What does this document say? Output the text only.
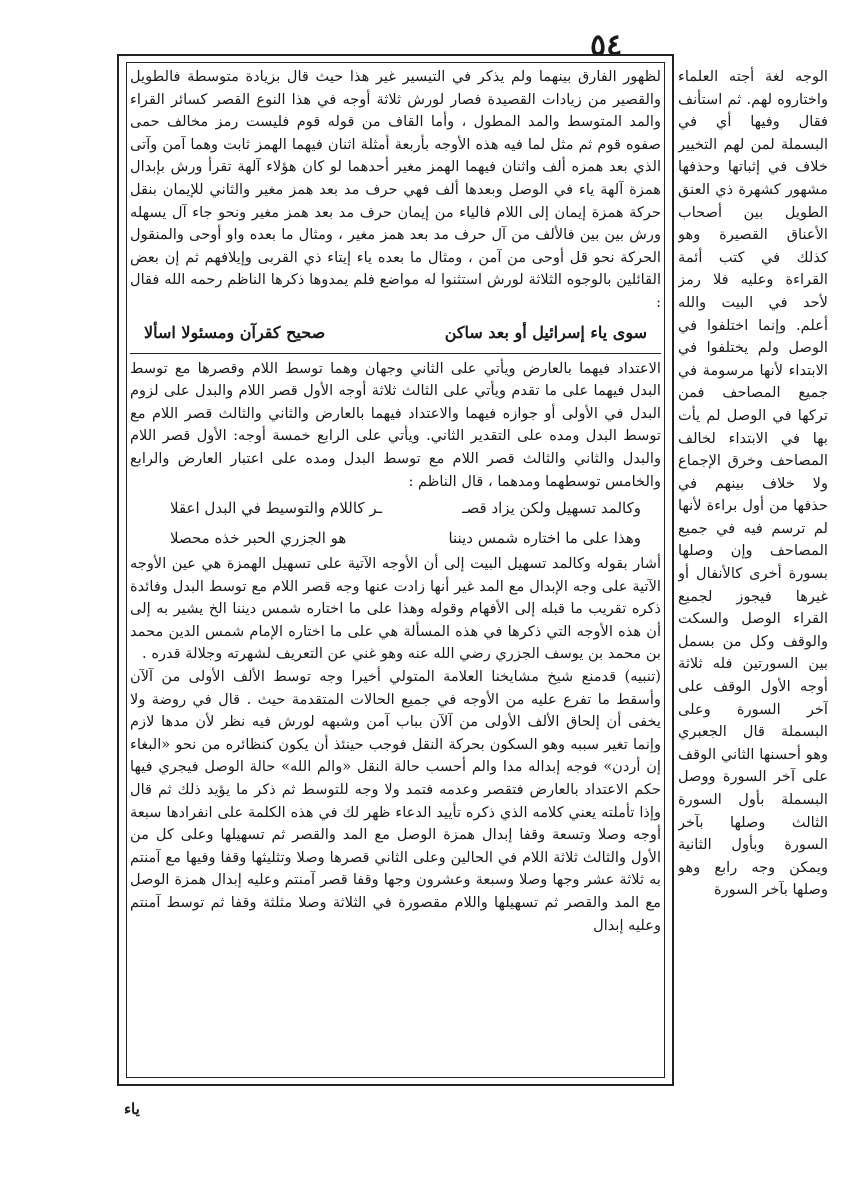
٥٤

لظهور الفارق بينهما ولم يذكر في التيسير غير هذا حيث قال بزيادة متوسطة فالطويل والقصير من زيادات القصيدة فصار لورش ثلاثة أوجه في هذا النوع القصر كسائر القراء والمد المتوسط والمد المطول ، وأما القاف من قوله قوم فليست رمز مخالف حمى صفوه قوم ثم مثل لما فيه هذه الأوجه بأربعة أمثلة اثنان فيهما الهمز ثابت وهما آمن وآتى الذي بعد همزه ألف واثنان فيهما الهمز مغير أحدهما لو كان هؤلاء آلهة تقرأ ورش بإبدال همزة آلهة ياء في الوصل وبعدها ألف فهي حرف مد بعد همز مغير والثاني للإيمان بنقل حركة همزة إيمان إلى اللام فالياء من إيمان حرف مد بعد همز مغير ونحو جاء آل يسهله ورش بين بين فالألف من آل حرف مد بعد همز مغير ، ومثال ما بعده واو أوحى والمنقول الحركة نحو قل أوحى من آمن ، ومثال ما بعده ياء إيتاء ذي القربى وإيلافهم ثم إن بعض القائلين بالوجوه الثلاثة لورش استثنوا له مواضع فلم يمدوها ذكرها الناظم رحمه الله فقال :

سوى ياء إسرائيل أو بعد ساكن
صحيح كقرآن ومسئولا اسألا

الاعتداد فيهما بالعارض ويأتي على الثاني وجهان وهما توسط اللام وقصرها مع توسط البدل فيهما على ما تقدم ويأتي على الثالث ثلاثة أوجه الأول قصر اللام والبدل على لزوم البدل في الأولى أو جوازه فيهما والاعتداد فيهما بالعارض والثاني والثالث قصر اللام مع توسط البدل ومده على التقدير الثاني. ويأتي على الرابع خمسة أوجه: الأول قصر اللام والبدل والثاني والثالث قصر اللام مع توسط البدل ومده على اعتبار العارض والرابع والخامس توسطهما ومدهما ، قال الناظم :

وكالمد تسهيل ولكن يزاد قصـ
ـر كاللام والتوسيط في البدل اعقلا
وهذا على ما اختاره شمس ديننا
هو الجزري الحبر خذه محصلا

أشار بقوله وكالمد تسهيل البيت إلى أن الأوجه الآتية على تسهيل الهمزة هي عين الأوجه الآتية على وجه الإبدال مع المد غير أنها زادت عنها وجه قصر اللام مع توسط البدل وفائدة ذكره تقريب ما قبله إلى الأفهام وقوله وهذا على ما اختاره شمس ديننا الخ يشير به إلى أن هذه الأوجه التي ذكرها في هذه المسألة هي على ما اختاره الإمام شمس الدين محمد بن محمد بن يوسف الجزري رضي الله عنه وهو غني عن التعريف لشهرته وجلالة قدره .

(تنبيه) قدمنع شيخ مشايخنا العلامة المتولي أخيرا وجه توسط الألف الأولى من آلآن وأسقط ما تفرع عليه من الأوجه في جميع الحالات المتقدمة حيث . قال في روضة ولا يخفى أن إلحاق الألف الأولى من آلآن بباب آمن وشبهه لورش فيه نظر لأن مدها لازم وإنما تغير سببه وهو السكون بحركة النقل فوجب حينئذ أن يكون كنظائره من نحو «البغاء إن أردن» فوجه إبداله مدا والم أحسب حالة النقل «والم الله» حالة الوصل فيجري فيها حكم الاعتداد بالعارض فتقصر وعدمه فتمد ولا وجه للتوسط ثم ذكر ما يؤيد ذلك ثم قال وإذا تأملته يعني كلامه الذي ذكره تأييد الدعاء ظهر لك في هذه الكلمة على انفرادها سبعة أوجه وصلا وتسعة وقفا إبدال همزة الوصل مع المد والقصر ثم تسهيلها وعلى كل من الأول والثالث ثلاثة اللام في الحالين وعلى الثاني قصرها وصلا وتثليثها وقفا وفيها مع آمنتم به ثلاثة عشر وجها وصلا وسبعة وعشرون وجها وقفا قصر آمنتم وعليه إبدال همزة الوصل مع المد والقصر ثم تسهيلها واللام مقصورة في الثلاثة وصلا مثلثة وقفا ثم توسط آمنتم وعليه إبدال

الوجه لغة أجته العلماء واختاروه لهم. ثم استأنف فقال وفيها أي في البسملة لمن لهم التخيير خلاف في إثباتها وحذفها مشهور كشهرة ذي العنق الطويل بين أصحاب الأعناق القصيرة وهو كذلك في كتب أئمة القراءة وعليه فلا رمز لأحد في البيت والله أعلم. وإنما اختلفوا في الوصل ولم يختلفوا في الابتداء لأنها مرسومة في جميع المصاحف فمن تركها في الوصل لم يأت بها في الابتداء لخالف المصاحف وخرق الإجماع ولا خلاف بينهم في حذفها من أول براءة لأنها لم ترسم فيه في جميع المصاحف وإن وصلها بسورة أخرى كالأنفال أو غيرها فيجوز لجميع القراء الوصل والسكت والوقف وكل من بسمل بين السورتين فله ثلاثة أوجه الأول الوقف على آخر السورة وعلى البسملة قال الجعبري وهو أحسنها الثاني الوقف على آخر السورة ووصل البسملة بأول السورة الثالث وصلها بآخر السورة وبأول الثانية ويمكن وجه رابع وهو وصلها بآخر السورة

ياء
